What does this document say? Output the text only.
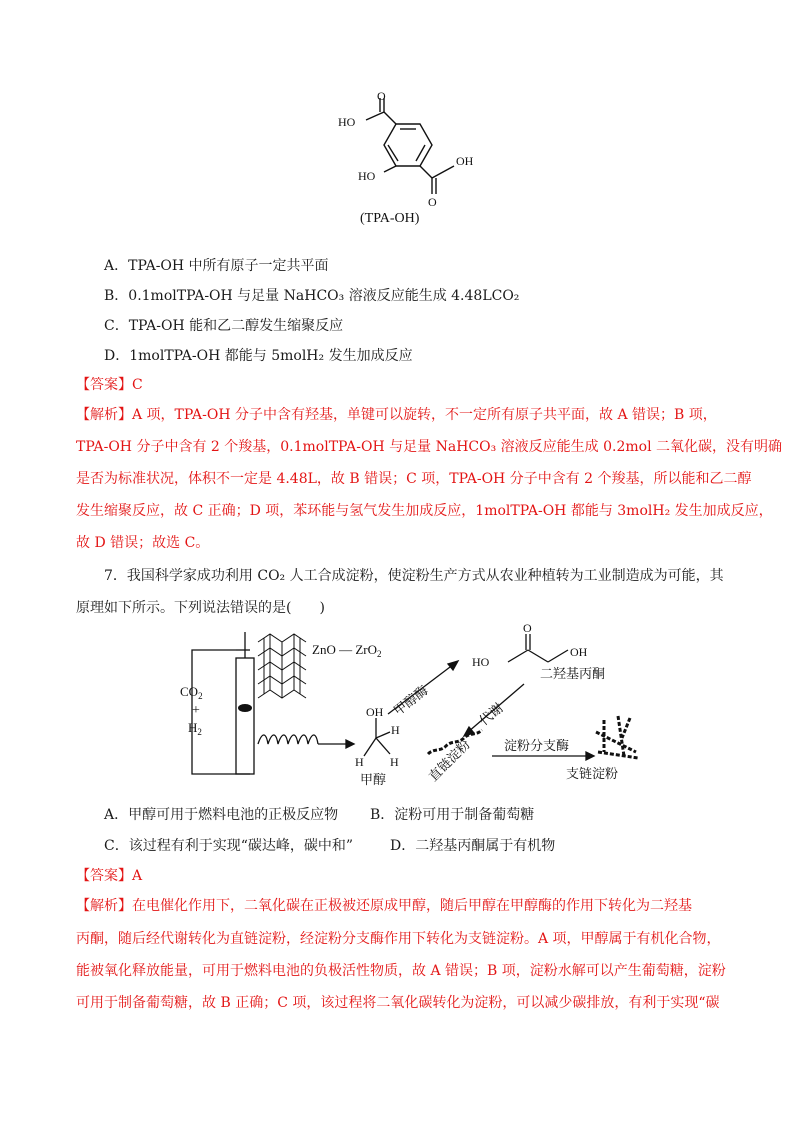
O
HO
HO
OH
O
(TPA-OH)
A．TPA-OH 中所有原子一定共平面
B．0.1molTPA-OH 与足量 NaHCO₃ 溶液反应能生成 4.48LCO₂
C．TPA-OH 能和乙二醇发生缩聚反应
D．1molTPA-OH 都能与 5molH₂ 发生加成反应
【答案】C
【解析】A 项，TPA-OH 分子中含有羟基，单键可以旋转，不一定所有原子共平面，故 A 错误；B 项，
TPA-OH 分子中含有 2 个羧基，0.1molTPA-OH 与足量 NaHCO₃ 溶液反应能生成 0.2mol 二氧化碳，没有明确
是否为标准状况，体积不一定是 4.48L，故 B 错误；C 项，TPA-OH 分子中含有 2 个羧基，所以能和乙二醇
发生缩聚反应，故 C 正确；D 项，苯环能与氢气发生加成反应，1molTPA-OH 都能与 3molH₂ 发生加成反应，
故 D 错误；故选 C。
7．我国科学家成功利用 CO₂ 人工合成淀粉，使淀粉生产方式从农业种植转为工业制造成为可能，其
原理如下所示。下列说法错误的是(　　)
ZnO — ZrO$_2$
$CO_2$
+
$H_2$
OH
H
H H
甲醇
甲醇酶
HO
O
OH
二羟基丙酮
代谢
直链淀粉 淀粉分支酶
支链淀粉
A．甲醇可用于燃料电池的正极反应物 B．淀粉可用于制备葡萄糖
C．该过程有利于实现“碳达峰，碳中和”	D．二羟基丙酮属于有机物
【答案】A
【解析】在电催化作用下，二氧化碳在正极被还原成甲醇，随后甲醇在甲醇酶的作用下转化为二羟基
丙酮，随后经代谢转化为直链淀粉，经淀粉分支酶作用下转化为支链淀粉。A 项，甲醇属于有机化合物，
能被氧化释放能量，可用于燃料电池的负极活性物质，故 A 错误；B 项，淀粉水解可以产生葡萄糖，淀粉
可用于制备葡萄糖，故 B 正确；C 项，该过程将二氧化碳转化为淀粉，可以减少碳排放，有利于实现“碳
